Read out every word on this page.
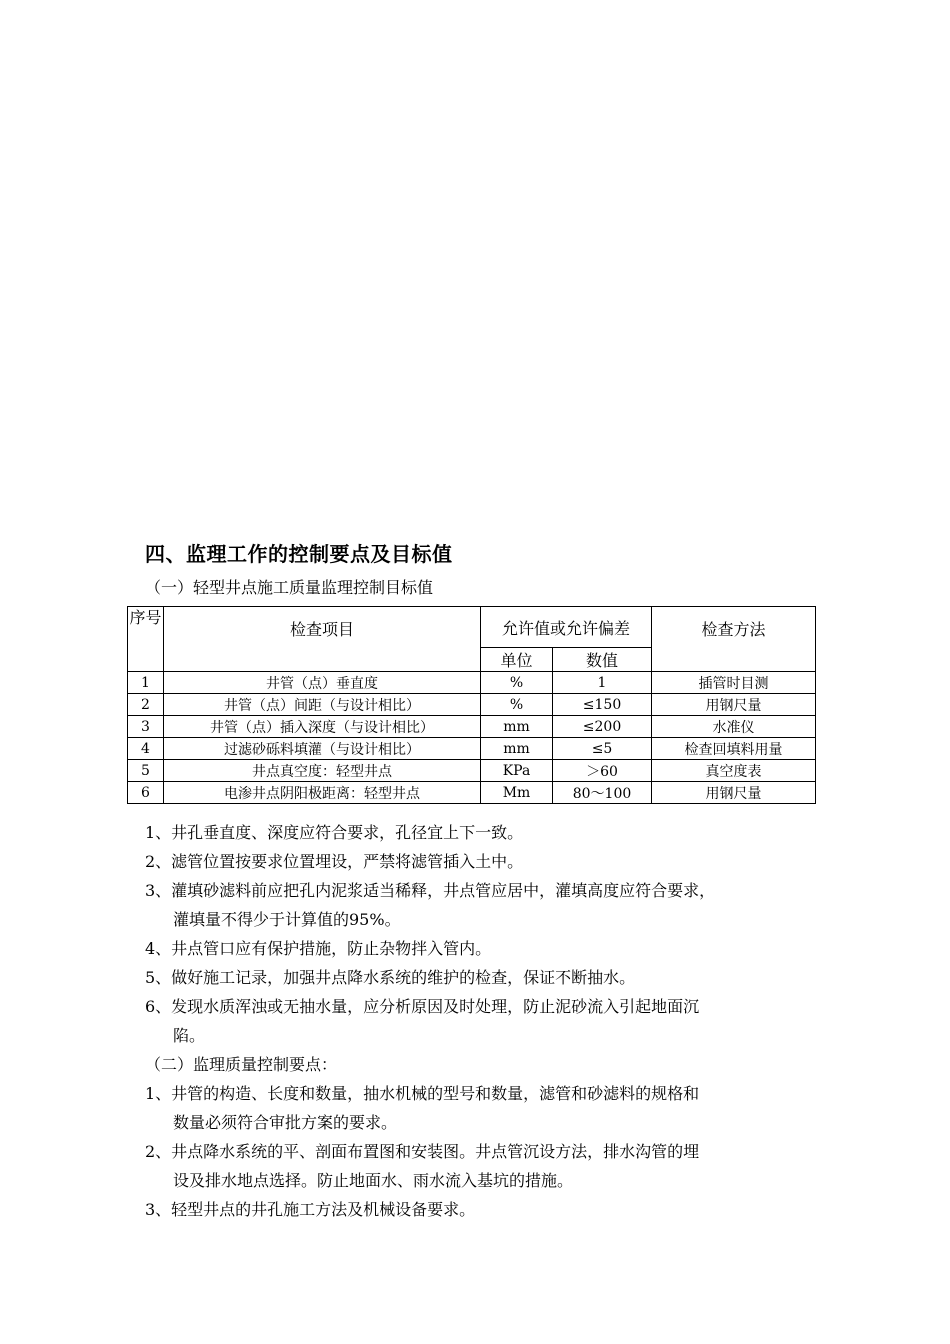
四、监理工作的控制要点及目标值
（一）轻型井点施工质量监理控制目标值
序号	检查项目	允许值或允许偏差		检查方法
		单位	数值	
1	井管（点）垂直度	%	1	插管时目测
2	井管（点）间距（与设计相比）	%	≤150	用钢尺量
3	井管（点）插入深度（与设计相比）	mm	≤200	水准仪
4	过滤砂砾料填灌（与设计相比）	mm	≤5	检查回填料用量
5	井点真空度：轻型井点	KPa	＞60	真空度表
6	电渗井点阴阳极距离：轻型井点	Mm	80～100	用钢尺量
1、井孔垂直度、深度应符合要求，孔径宜上下一致。
2、滤管位置按要求位置埋设，严禁将滤管插入土中。
3、灌填砂滤料前应把孔内泥浆适当稀释，井点管应居中，灌填高度应符合要求，
灌填量不得少于计算值的95%。
4、井点管口应有保护措施，防止杂物拌入管内。
5、做好施工记录，加强井点降水系统的维护的检查，保证不断抽水。
6、发现水质浑浊或无抽水量，应分析原因及时处理，防止泥砂流入引起地面沉
陷。
（二）监理质量控制要点：
1、井管的构造、长度和数量，抽水机械的型号和数量，滤管和砂滤料的规格和
数量必须符合审批方案的要求。
2、井点降水系统的平、剖面布置图和安装图。井点管沉设方法，排水沟管的埋
设及排水地点选择。防止地面水、雨水流入基坑的措施。
3、轻型井点的井孔施工方法及机械设备要求。
